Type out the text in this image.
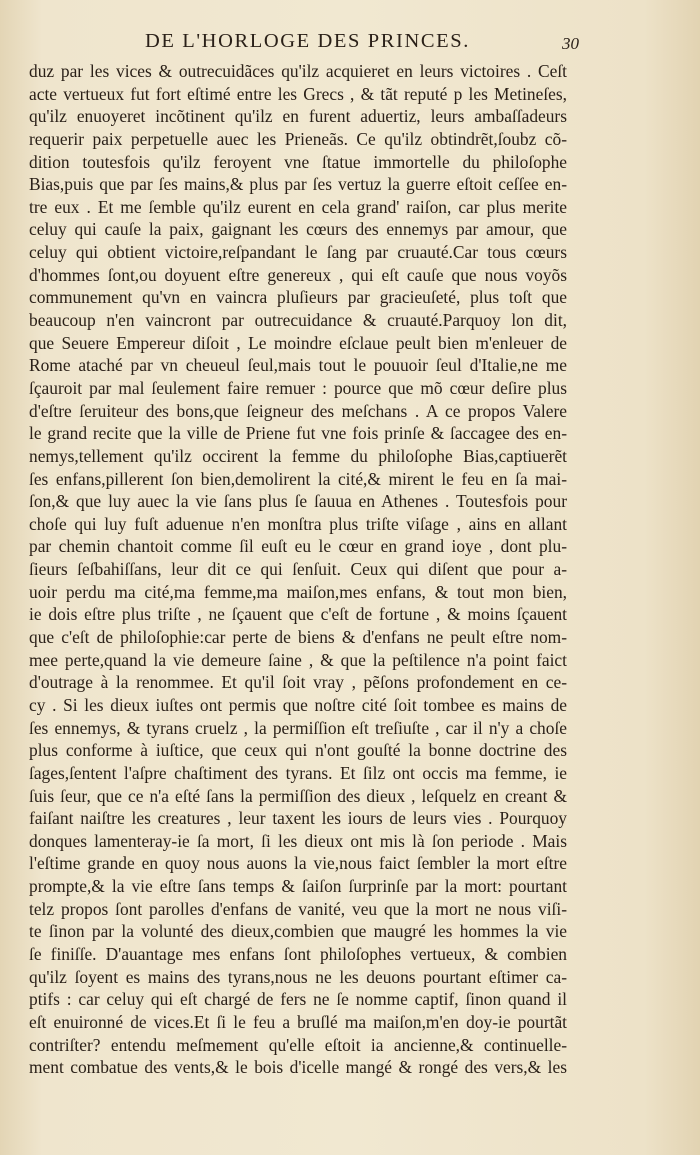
DE L'HORLOGE DES PRINCES.	30
duz par les vices & outrecuidãces qu'ilz acquieret en leurs victoires . Ceſt
acte vertueux fut fort eſtimé entre les Grecs , & tãt reputé p les Metineſes,
qu'ilz enuoyeret incõtinent qu'ilz en furent aduertiz, leurs ambaſſadeurs
requerir paix perpetuelle auec les Prieneãs. Ce qu'ilz obtindrẽt,ſoubz cõ-
dition toutesfois qu'ilz feroyent vne ſtatue immortelle du philoſophe
Bias,puis que par ſes mains,& plus par ſes vertuz la guerre eſtoit ceſſee en-
tre eux . Et me ſemble qu'ilz eurent en cela grand' raiſon, car plus merite
celuy qui cauſe la paix, gaignant les cœurs des ennemys par amour, que
celuy qui obtient victoire,reſpandant le ſang par cruauté.Car tous cœurs
d'hommes ſont,ou doyuent eſtre genereux , qui eſt cauſe que nous voyõs
communement qu'vn en vaincra pluſieurs par gracieuſeté, plus toſt que
beaucoup n'en vaincront par outrecuidance & cruauté.Parquoy lon dit,
que Seuere Empereur diſoit , Le moindre eſclaue peult bien m'enleuer de
Rome ataché par vn cheueul ſeul,mais tout le pouuoir ſeul d'Italie,ne me
ſçauroit par mal ſeulement faire remuer : pource que mõ cœur deſire plus
d'eſtre ſeruiteur des bons,que ſeigneur des meſchans . A ce propos Valere
le grand recite que la ville de Priene fut vne fois prinſe & ſaccagee des en-
nemys,tellement qu'ilz occirent la femme du philoſophe Bias,captiuerẽt
ſes enfans,pillerent ſon bien,demolirent la cité,& mirent le feu en ſa mai-
ſon,& que luy auec la vie ſans plus ſe ſauua en Athenes . Toutesfois pour
choſe qui luy fuſt aduenue n'en monſtra plus triſte viſage , ains en allant
par chemin chantoit comme ſil euſt eu le cœur en grand ioye , dont plu-
ſieurs ſeſbahiſſans, leur dit ce qui ſenſuit. Ceux qui diſent que pour a-
uoir perdu ma cité,ma femme,ma maiſon,mes enfans, & tout mon bien,
ie dois eſtre plus triſte , ne ſçauent que c'eſt de fortune , & moins ſçauent
que c'eſt de philoſophie:car perte de biens & d'enfans ne peult eſtre nom-
mee perte,quand la vie demeure ſaine , & que la peſtilence n'a point faict
d'outrage à la renommee. Et qu'il ſoit vray , pẽſons profondement en ce-
cy . Si les dieux iuſtes ont permis que noſtre cité ſoit tombee es mains de
ſes ennemys, & tyrans cruelz , la permiſſion eſt treſiuſte , car il n'y a choſe
plus conforme à iuſtice, que ceux qui n'ont gouſté la bonne doctrine des
ſages,ſentent l'aſpre chaſtiment des tyrans. Et ſilz ont occis ma femme, ie
ſuis ſeur, que ce n'a eſté ſans la permiſſion des dieux , leſquelz en creant &
faiſant naiſtre les creatures , leur taxent les iours de leurs vies . Pourquoy
donques lamenteray-ie ſa mort, ſi les dieux ont mis là ſon periode . Mais
l'eſtime grande en quoy nous auons la vie,nous faict ſembler la mort eſtre
prompte,& la vie eſtre ſans temps & ſaiſon ſurprinſe par la mort: pourtant
telz propos ſont parolles d'enfans de vanité, veu que la mort ne nous viſi-
te ſinon par la volunté des dieux,combien que maugré les hommes la vie
ſe finiſſe. D'auantage mes enfans ſont philoſophes vertueux, & combien
qu'ilz ſoyent es mains des tyrans,nous ne les deuons pourtant eſtimer ca-
ptifs : car celuy qui eſt chargé de fers ne ſe nomme captif, ſinon quand il
eſt enuironné de vices.Et ſi le feu a bruſlé ma maiſon,m'en doy-ie pourtãt
contriſter? entendu meſmement qu'elle eſtoit ia ancienne,& continuelle-
ment combatue des vents,& le bois d'icelle mangé & rongé des vers,& les
